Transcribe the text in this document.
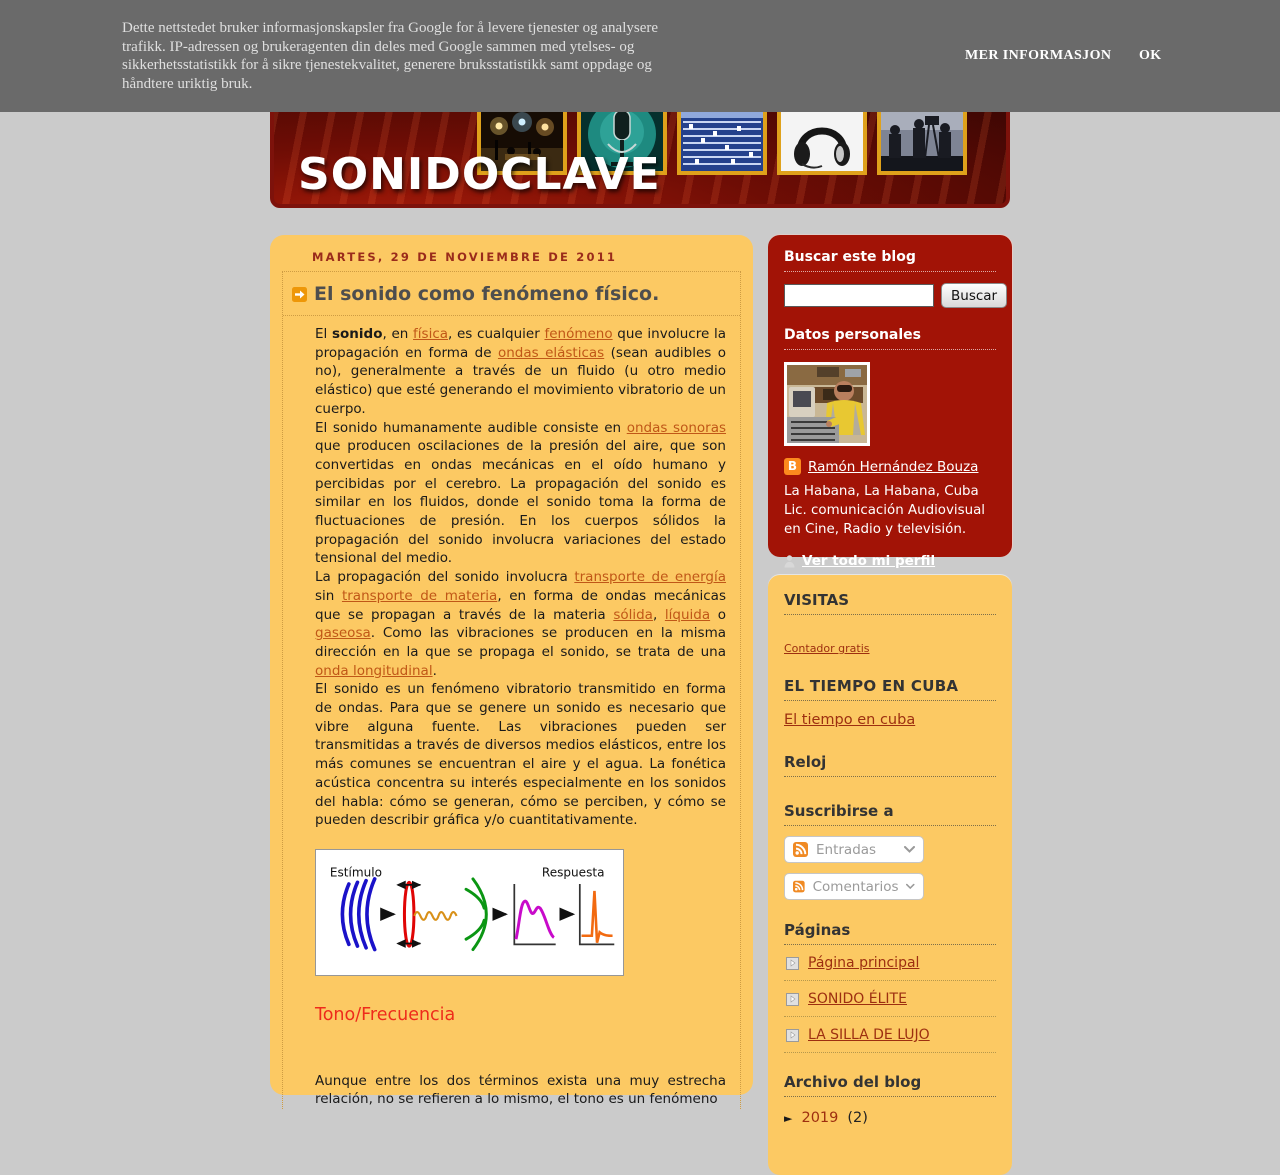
SONIDOCLAVE
Dette nettstedet bruker informasjonskapsler fra Google for å levere tjenester og analysere
trafikk. IP-adressen og brukeragenten din deles med Google sammen med ytelses- og
sikkerhetsstatistikk for å sikre tjenestekvalitet, generere bruksstatistikk samt oppdage og
håndtere uriktig bruk.
MER INFORMASJON OK
MARTES, 29 DE NOVIEMBRE DE 2011
El sonido como fenómeno físico.
El sonido, en física, es cualquier fenómeno que involucre la propagación en forma de ondas elásticas (sean audibles o no), generalmente a través de un fluido (u otro medio elástico) que esté generando el movimiento vibratorio de un cuerpo.
El sonido humanamente audible consiste en ondas sonoras que producen oscilaciones de la presión del aire, que son convertidas en ondas mecánicas en el oído humano y percibidas por el cerebro. La propagación del sonido es similar en los fluidos, donde el sonido toma la forma de fluctuaciones de presión. En los cuerpos sólidos la propagación del sonido involucra variaciones del estado tensional del medio.
La propagación del sonido involucra transporte de energía sin transporte de materia, en forma de ondas mecánicas que se propagan a través de la materia sólida, líquida o gaseosa. Como las vibraciones se producen en la misma dirección en la que se propaga el sonido, se trata de una onda longitudinal.
El sonido es un fenómeno vibratorio transmitido en forma de ondas. Para que se genere un sonido es necesario que vibre alguna fuente. Las vibraciones pueden ser transmitidas a través de diversos medios elásticos, entre los más comunes se encuentran el aire y el agua. La fonética acústica concentra su interés especialmente en los sonidos del habla: cómo se generan, cómo se perciben, y cómo se pueden describir gráfica y/o cuantitativamente.
Estímulo	Respuesta
Tono/Frecuencia
Aunque entre los dos términos exista una muy estrecha relación, no se refieren a lo mismo, el tono es un fenómeno
Buscar este blog
Buscar
Datos personales
B Ramón Hernández Bouza
La Habana, La Habana, Cuba
Lic. comunicación Audiovisual en Cine, Radio y televisión.
Ver todo mi perfil
VISITAS
Contador gratis
EL TIEMPO EN CUBA
El tiempo en cuba
Reloj
Suscribirse a
Entradas
Comentarios
Páginas
Página principal
SONIDO ÉLITE
LA SILLA DE LUJO
Archivo del blog
► 2019 (2)
